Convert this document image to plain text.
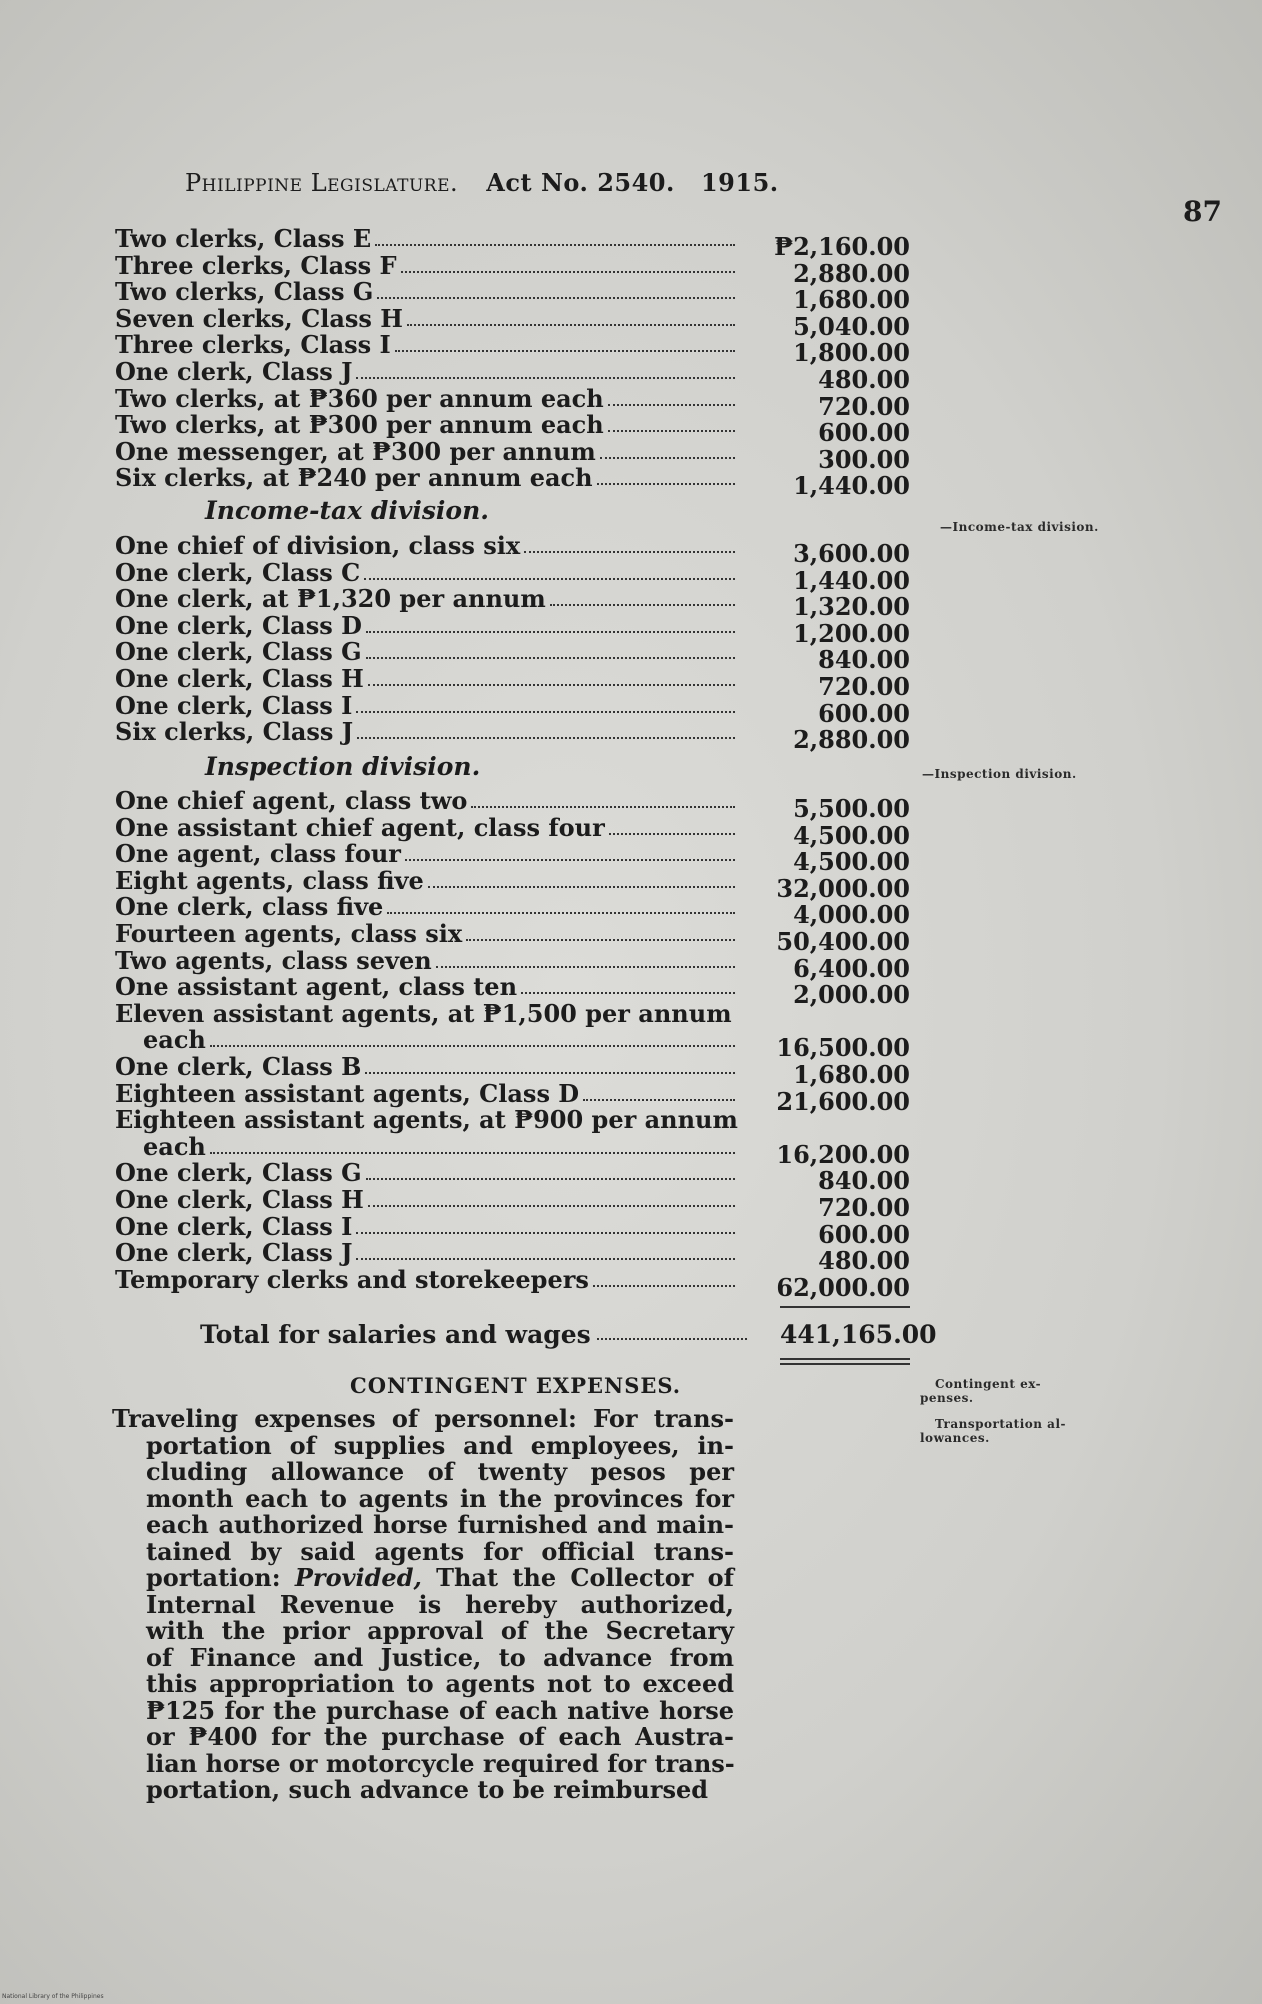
Philippine Legislature. Act No. 2540. 1915.
87
Two clerks, Class E	₱2,160.00
Three clerks, Class F	2,880.00
Two clerks, Class G	1,680.00
Seven clerks, Class H	5,040.00
Three clerks, Class I	1,800.00
One clerk, Class J	480.00
Two clerks, at ₱360 per annum each	720.00
Two clerks, at ₱300 per annum each	600.00
One messenger, at ₱300 per annum	300.00
Six clerks, at ₱240 per annum each	1,440.00
One chief of division, class six	3,600.00
One clerk, Class C	1,440.00
One clerk, at ₱1,320 per annum	1,320.00
One clerk, Class D	1,200.00
One clerk, Class G	840.00
One clerk, Class H	720.00
One clerk, Class I	600.00
Six clerks, Class J	2,880.00
One chief agent, class two	5,500.00
One assistant chief agent, class four	4,500.00
One agent, class four	4,500.00
Eight agents, class five	32,000.00
One clerk, class five	4,000.00
Fourteen agents, class six	50,400.00
Two agents, class seven	6,400.00
One assistant agent, class ten	2,000.00
Eleven assistant agents, at ₱1,500 per annum
each	16,500.00
One clerk, Class B	1,680.00
Eighteen assistant agents, Class D	21,600.00
Eighteen assistant agents, at ₱900 per annum
each	16,200.00
One clerk, Class G	840.00
One clerk, Class H	720.00
One clerk, Class I	600.00
One clerk, Class J	480.00
Temporary clerks and storekeepers	62,000.00
Income-tax division.
—Income-tax division.
Inspection division.	—Inspection division.
Total for salaries and wages	441,165.00
CONTINGENT EXPENSES.	Contingent ex-
penses.
Transportation al-
lowances.
Traveling expenses of personnel: For trans-
portation of supplies and employees, in-
cluding allowance of twenty pesos per
month each to agents in the provinces for
each authorized horse furnished and main-
tained by said agents for official trans-
portation: Provided, That the Collector of
Internal Revenue is hereby authorized,
with the prior approval of the Secretary
of Finance and Justice, to advance from
this appropriation to agents not to exceed
₱125 for the purchase of each native horse
or ₱400 for the purchase of each Austra-
lian horse or motorcycle required for trans-
portation, such advance to be reimbursed
National Library of the Philippines
